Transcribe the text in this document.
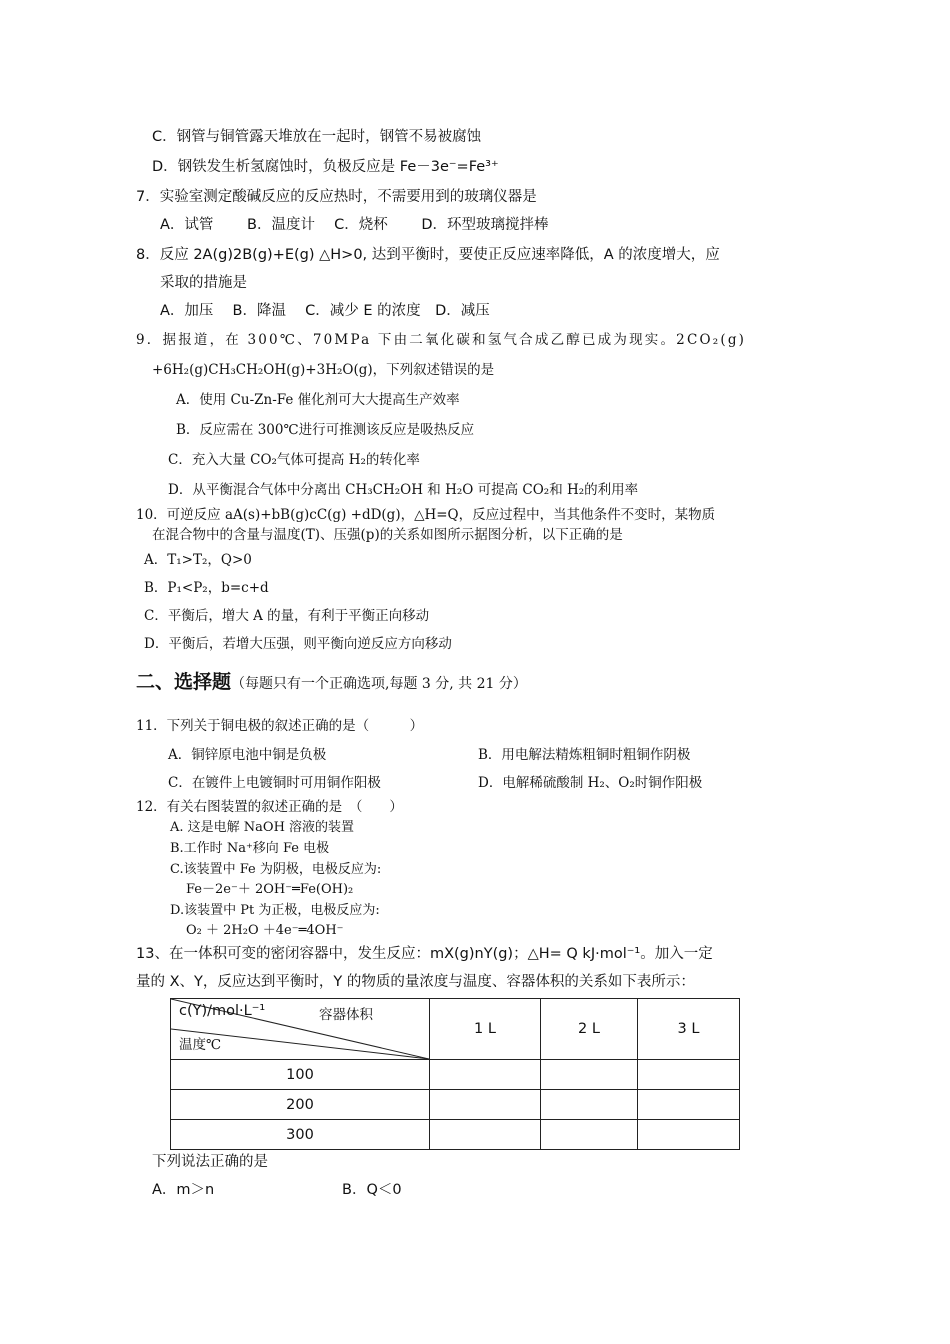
C．钢管与铜管露天堆放在一起时，钢管不易被腐蚀
D．钢铁发生析氢腐蚀时，负极反应是 Fe－3e⁻=Fe³⁺
7．实验室测定酸碱反应的反应热时，不需要用到的玻璃仪器是
A．试管　　 B．温度计　 C．烧杯　　 D．环型玻璃搅拌棒
8．反应 2A(g)2B(g)+E(g) △H>0, 达到平衡时，要使正反应速率降低，A 的浓度增大，应
采取的措施是
A．加压　 B．降温　 C．减少 E 的浓度　D．减压
9．据报道，在 300℃、70MPa 下由二氧化碳和氢气合成乙醇已成为现实。2CO₂(g)
+6H₂(g)CH₃CH₂OH(g)+3H₂O(g)，下列叙述错误的是
A．使用 Cu-Zn-Fe 催化剂可大大提高生产效率
B．反应需在 300℃进行可推测该反应是吸热反应
C．充入大量 CO₂气体可提高 H₂的转化率
D．从平衡混合气体中分离出 CH₃CH₂OH 和 H₂O 可提高 CO₂和 H₂的利用率
10．可逆反应 aA(s)+bB(g)cC(g) +dD(g)，△H=Q，反应过程中，当其他条件不变时，某物质
在混合物中的含量与温度(T)、压强(p)的关系如图所示据图分析，以下正确的是
A．T₁>T₂，Q>0
B．P₁<P₂，b=c+d
C．平衡后，增大 A 的量，有利于平衡正向移动
D．平衡后，若增大压强，则平衡向逆反应方向移动
二、选择题（每题只有一个正确选项,每题 3 分, 共 21 分）
11．下列关于铜电极的叙述正确的是（　　　）
A．铜锌原电池中铜是负极	B．用电解法精炼粗铜时粗铜作阴极
C．在镀件上电镀铜时可用铜作阳极	D．电解稀硫酸制 H₂、O₂时铜作阳极
12．有关右图装置的叙述正确的是　（　　）
A. 这是电解 NaOH 溶液的装置
B.工作时 Na⁺移向 Fe 电极
C.该装置中 Fe 为阴极，电极反应为:
Fe－2e⁻＋ 2OH⁻═Fe(OH)₂
D.该装置中 Pt 为正极，电极反应为:
O₂ ＋ 2H₂O ＋4e⁻═4OH⁻
13、在一体积可变的密闭容器中，发生反应：mX(g)nY(g)；△H= Q kJ·mol⁻¹。加入一定
量的 X、Y，反应达到平衡时，Y 的物质的量浓度与温度、容器体积的关系如下表所示：
c(Y)/mol·L⁻¹ 容器体积
温度℃	1 L	2 L	3 L
100			
200			
300			
下列说法正确的是
A．m＞n	B．Q＜0
